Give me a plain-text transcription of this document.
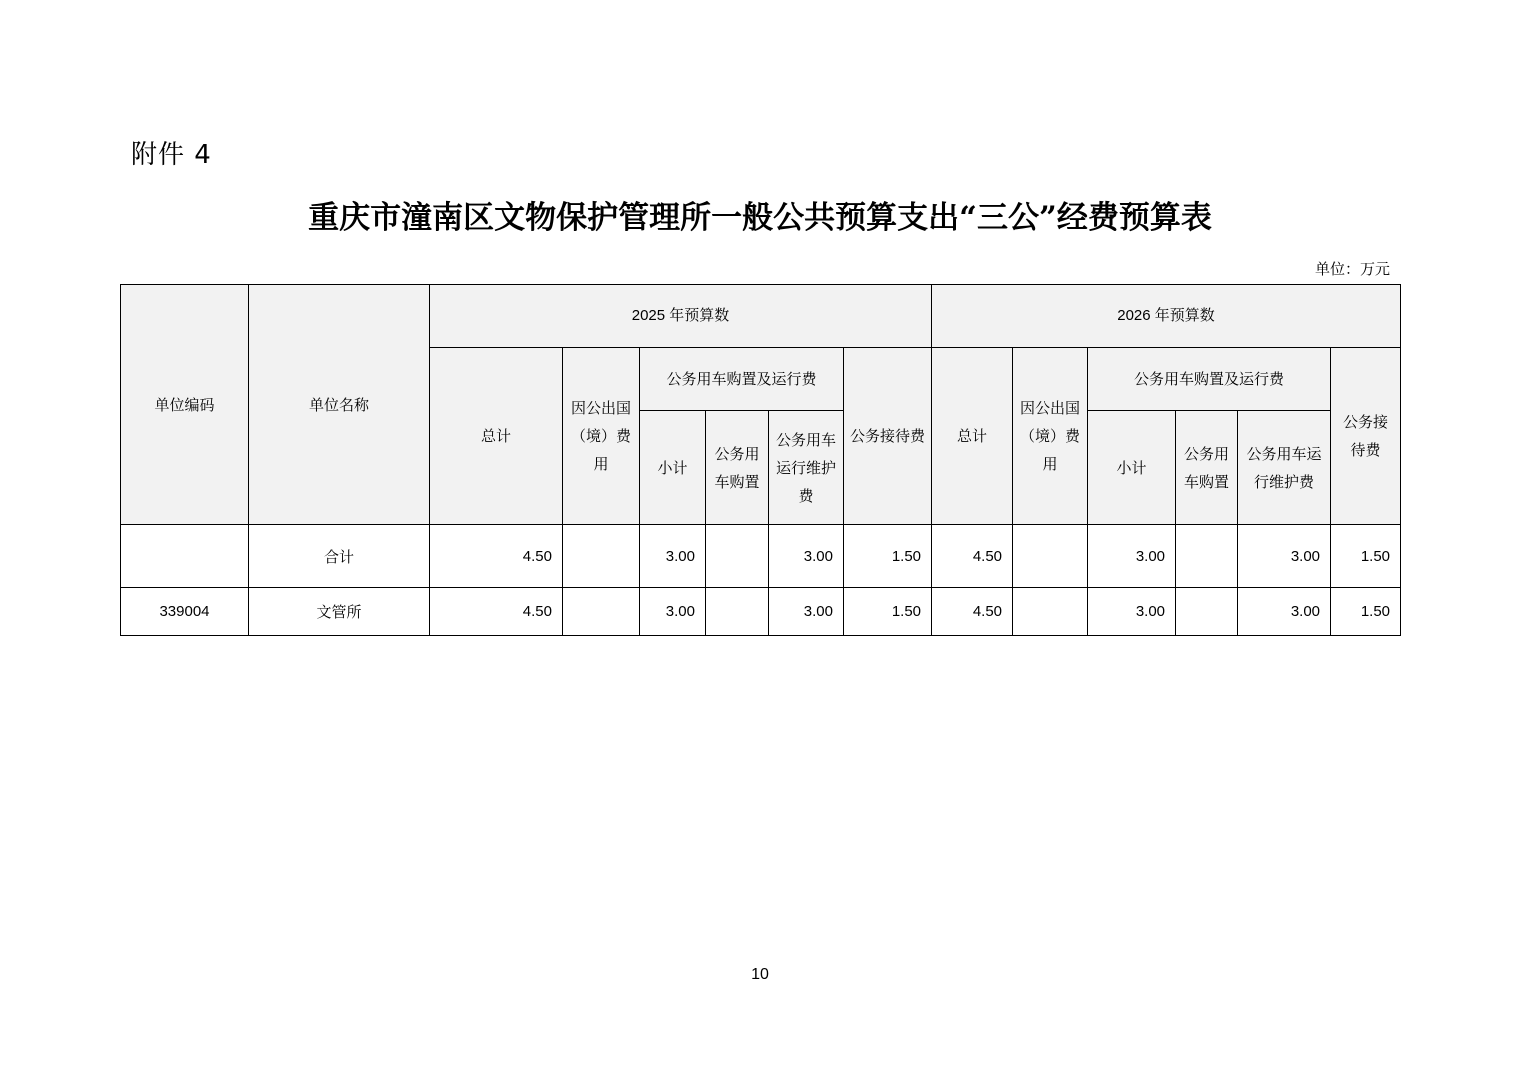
附件 4
重庆市潼南区文物保护管理所一般公共预算支出“三公”经费预算表
单位：万元
单位编码	单位名称	2025 年预算数						2026 年预算数					
		总计	因公出国（境）费用	公务用车购置及运行费			公务接待费	总计	因公出国（境）费用	公务用车购置及运行费			公务接待费
				小计	公务用车购置	公务用车运行维护费				小计	公务用车购置	公务用车运行维护费	
	合计	4.50		3.00		3.00	1.50	4.50		3.00		3.00	1.50
339004	文管所	4.50		3.00		3.00	1.50	4.50		3.00		3.00	1.50
10
